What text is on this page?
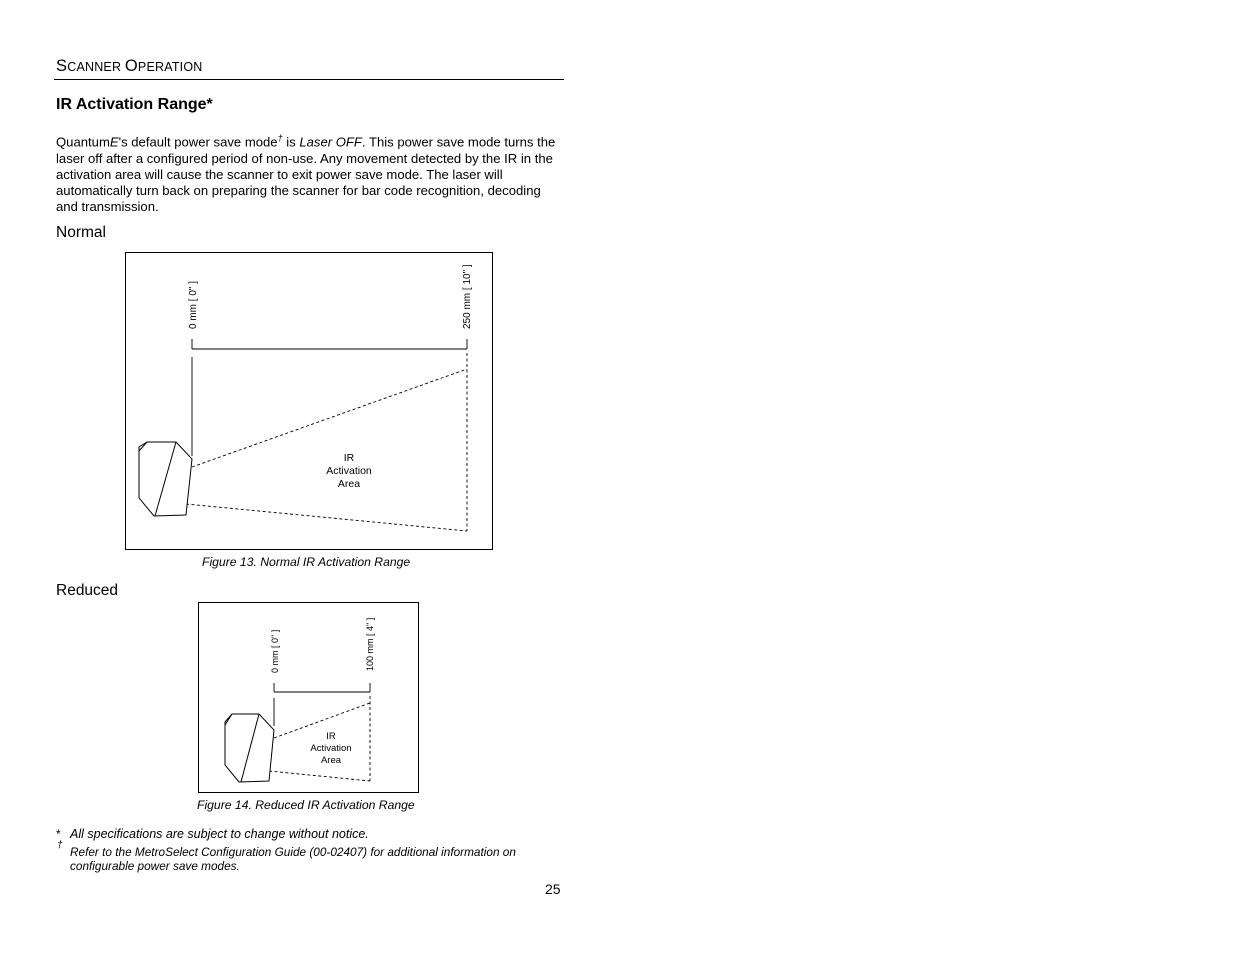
SCANNER OPERATION
IR Activation Range*
QuantumE's default power save mode† is Laser OFF. This power save mode turns the laser off after a configured period of non-use. Any movement detected by the IR in the activation area will cause the scanner to exit power save mode. The laser will automatically turn back on preparing the scanner for bar code recognition, decoding and transmission.
Normal
0 mm [ 0" ]	250 mm [ 10" ]
IR
Activation
Area
Figure 13. Normal IR Activation Range
Reduced
0 mm [ 0" ]	100 mm [ 4" ]
IR
Activation
Area
Figure 14. Reduced IR Activation Range
* All specifications are subject to change without notice.
† Refer to the MetroSelect Configuration Guide (00-02407) for additional information on configurable power save modes.
25
